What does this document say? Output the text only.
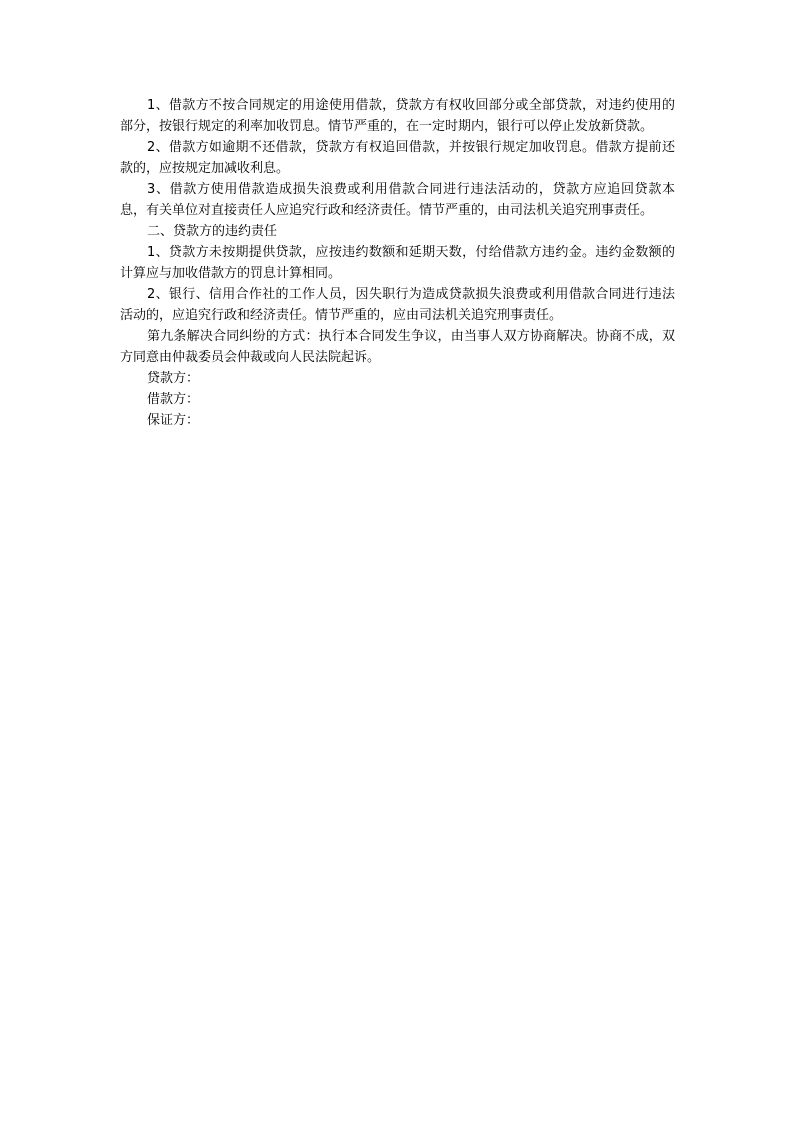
1、借款方不按合同规定的用途使用借款，贷款方有权收回部分或全部贷款，对违约使用的部分，按银行规定的利率加收罚息。情节严重的，在一定时期内，银行可以停止发放新贷款。

2、借款方如逾期不还借款，贷款方有权追回借款，并按银行规定加收罚息。借款方提前还款的，应按规定加减收利息。

3、借款方使用借款造成损失浪费或利用借款合同进行违法活动的，贷款方应追回贷款本息，有关单位对直接责任人应追究行政和经济责任。情节严重的，由司法机关追究刑事责任。

二、贷款方的违约责任

1、贷款方未按期提供贷款，应按违约数额和延期天数，付给借款方违约金。违约金数额的计算应与加收借款方的罚息计算相同。

2、银行、信用合作社的工作人员，因失职行为造成贷款损失浪费或利用借款合同进行违法活动的，应追究行政和经济责任。情节严重的，应由司法机关追究刑事责任。

第九条解决合同纠纷的方式：执行本合同发生争议，由当事人双方协商解决。协商不成，双方同意由仲裁委员会仲裁或向人民法院起诉。

贷款方：

借款方：

保证方：
